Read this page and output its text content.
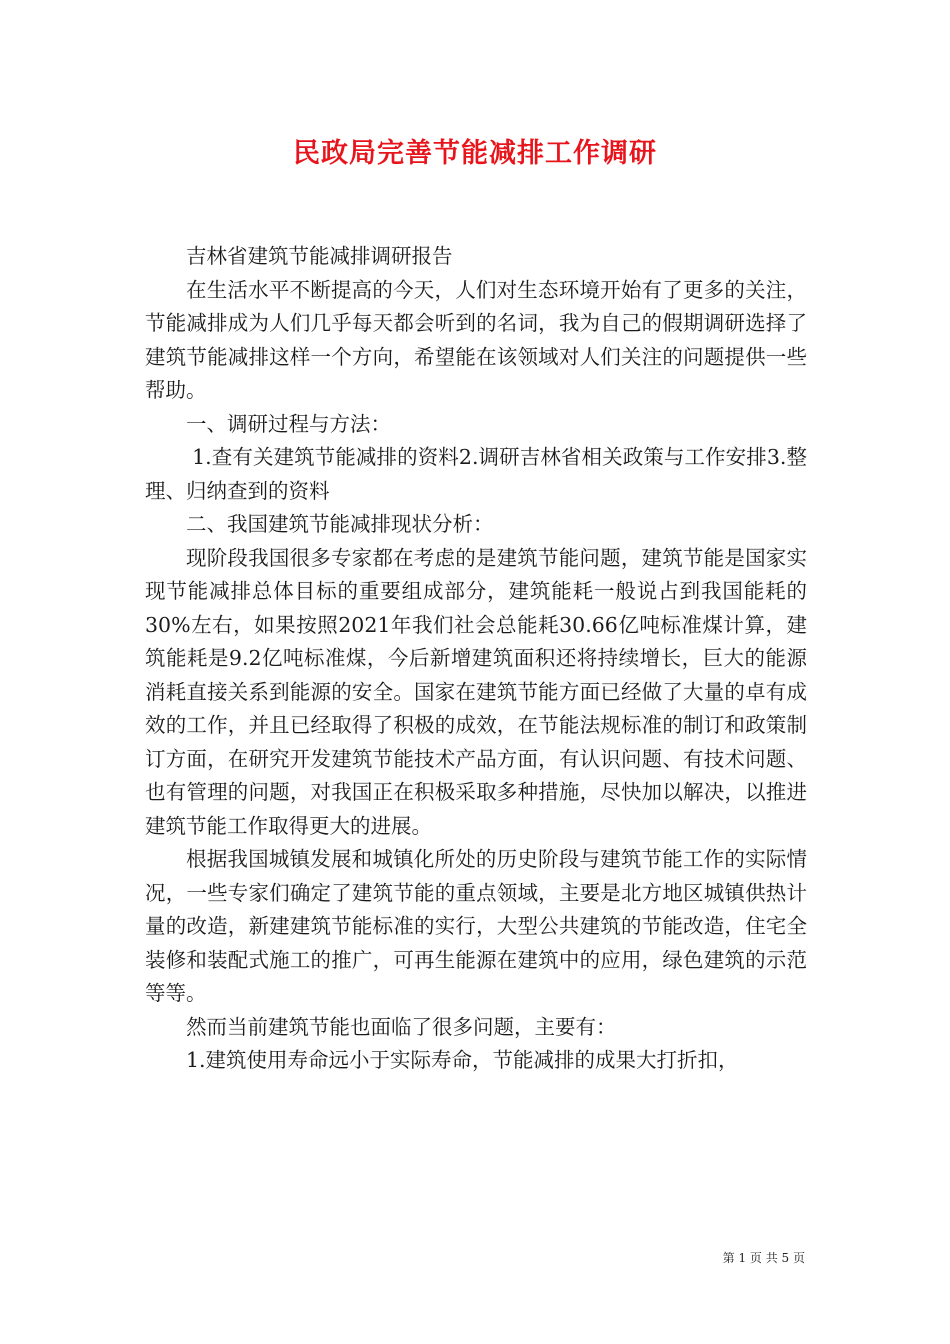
民政局完善节能减排工作调研

吉林省建筑节能减排调研报告

在生活水平不断提高的今天，人们对生态环境开始有了更多的关注，节能减排成为人们几乎每天都会听到的名词，我为自己的假期调研选择了建筑节能减排这样一个方向，希望能在该领域对人们关注的问题提供一些帮助。

一、调研过程与方法：

1.查有关建筑节能减排的资料2.调研吉林省相关政策与工作安排3.整理、归纳查到的资料

二、我国建筑节能减排现状分析：

现阶段我国很多专家都在考虑的是建筑节能问题，建筑节能是国家实现节能减排总体目标的重要组成部分，建筑能耗一般说占到我国能耗的30%左右，如果按照2021年我们社会总能耗30.66亿吨标准煤计算，建筑能耗是9.2亿吨标准煤，今后新增建筑面积还将持续增长，巨大的能源消耗直接关系到能源的安全。国家在建筑节能方面已经做了大量的卓有成效的工作，并且已经取得了积极的成效，在节能法规标准的制订和政策制订方面，在研究开发建筑节能技术产品方面，有认识问题、有技术问题、也有管理的问题，对我国正在积极采取多种措施，尽快加以解决，以推进建筑节能工作取得更大的进展。

根据我国城镇发展和城镇化所处的历史阶段与建筑节能工作的实际情况，一些专家们确定了建筑节能的重点领域，主要是北方地区城镇供热计量的改造，新建建筑节能标准的实行，大型公共建筑的节能改造，住宅全装修和装配式施工的推广，可再生能源在建筑中的应用，绿色建筑的示范等等。

然而当前建筑节能也面临了很多问题，主要有：

1.建筑使用寿命远小于实际寿命，节能减排的成果大打折扣，

第 1 页 共 5 页
